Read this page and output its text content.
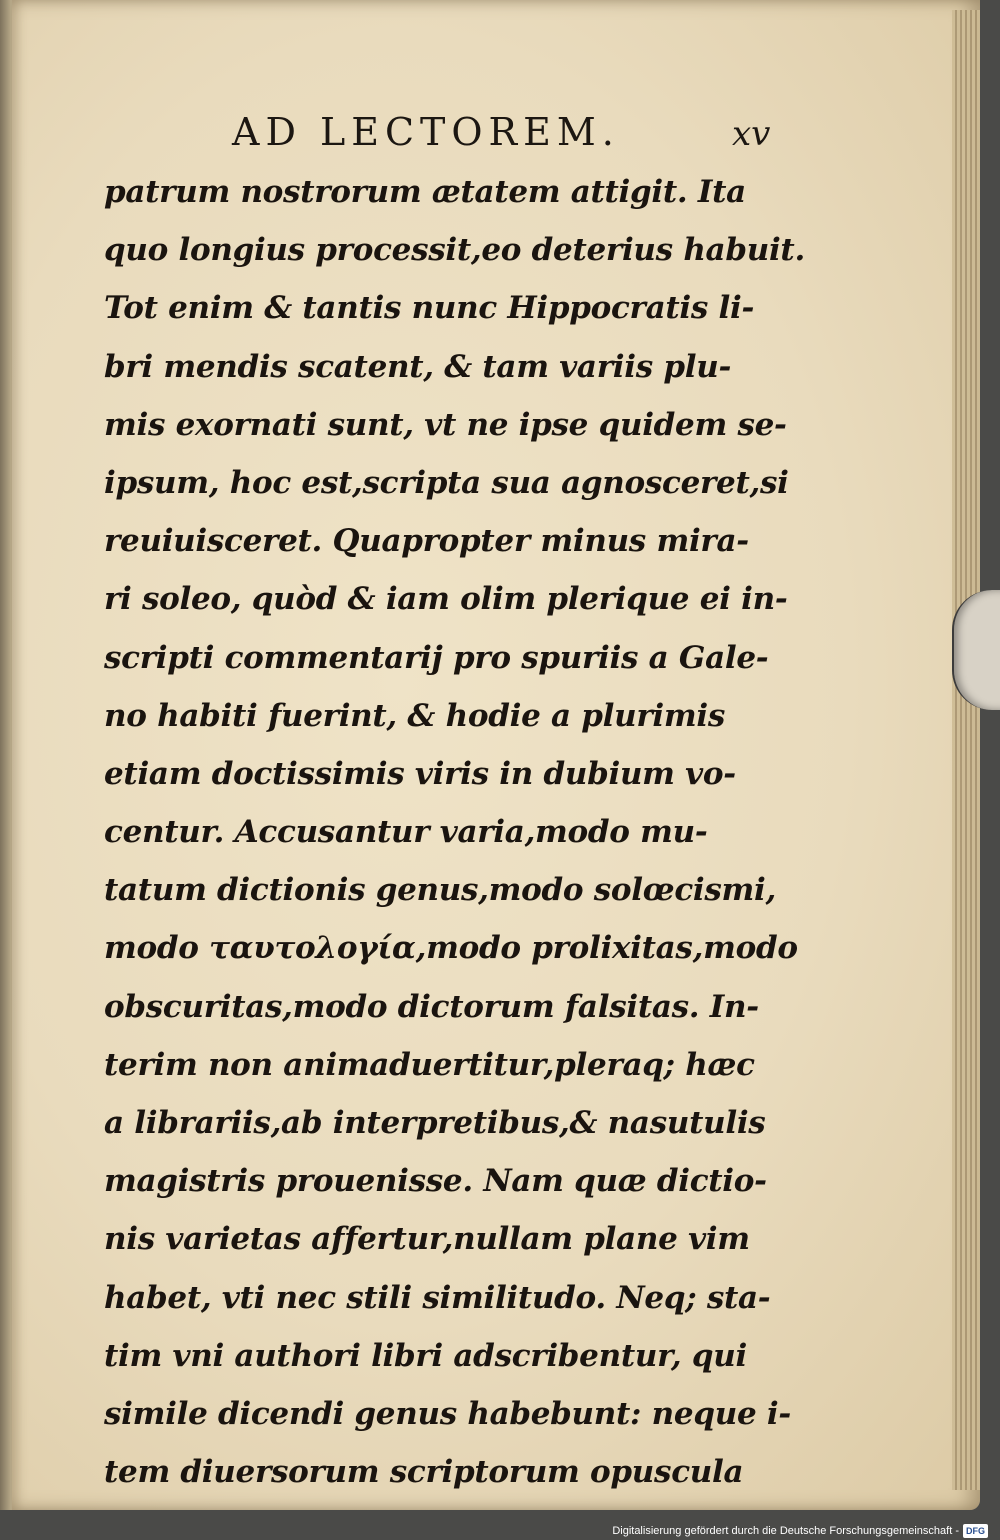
AD LECTOREM.	xv
patrum nostrorum ætatem attigit. Ita
quo longius processit,eo deterius habuit.
Tot enim & tantis nunc Hippocratis li-
bri mendis scatent, & tam variis plu-
mis exornati sunt, vt ne ipse quidem se-
ipsum, hoc est,scripta sua agnosceret,si
reuiuisceret. Quapropter minus mira-
ri soleo, quòd & iam olim plerique ei in-
scripti commentarij pro spuriis a Gale-
no habiti fuerint, & hodie a plurimis
etiam doctissimis viris in dubium vo-
centur. Accusantur varia,modo mu-
tatum dictionis genus,modo solœcismi,
modo ταυτολογία,modo prolixitas,modo
obscuritas,modo dictorum falsitas. In-
terim non animaduertitur,pleraq; hæc
a librariis,ab interpretibus,& nasutulis
magistris prouenisse. Nam quæ dictio-
nis varietas affertur,nullam plane vim
habet, vti nec stili similitudo. Neq; sta-
tim vni authori libri adscribentur, qui
simile dicendi genus habebunt: neque i-
tem diuersorum scriptorum opuscula
Digitalisierung gefördert durch die Deutsche Forschungsgemeinschaft - DFG
